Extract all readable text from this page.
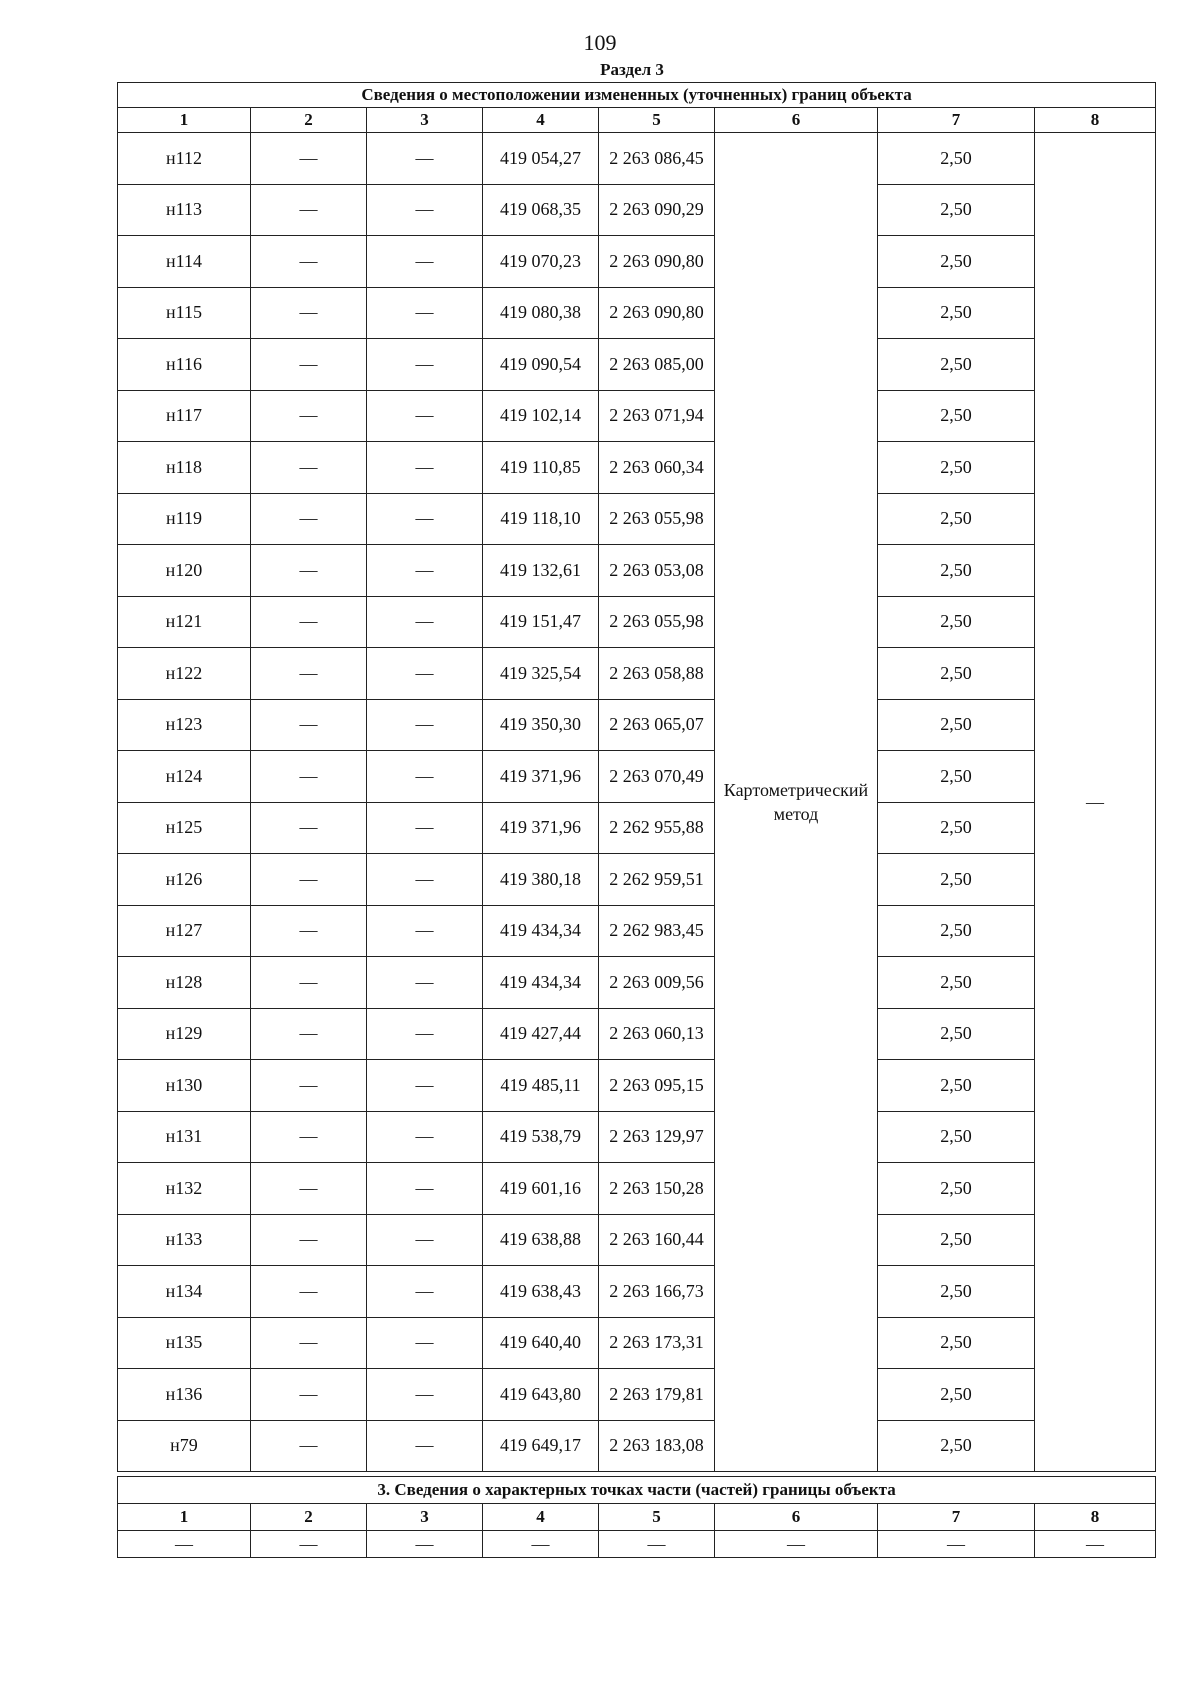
109
Раздел 3
Сведения о местоположении измененных (уточненных) границ объекта							
1	2	3	4	5	6	7	8
н112	—	—	419 054,27	2 263 086,45	Картометрический метод	2,50	—
н113	—	—	419 068,35	2 263 090,29		2,50	
н114	—	—	419 070,23	2 263 090,80		2,50	
н115	—	—	419 080,38	2 263 090,80		2,50	
н116	—	—	419 090,54	2 263 085,00		2,50	
н117	—	—	419 102,14	2 263 071,94		2,50	
н118	—	—	419 110,85	2 263 060,34		2,50	
н119	—	—	419 118,10	2 263 055,98		2,50	
н120	—	—	419 132,61	2 263 053,08		2,50	
н121	—	—	419 151,47	2 263 055,98		2,50	
н122	—	—	419 325,54	2 263 058,88		2,50	
н123	—	—	419 350,30	2 263 065,07		2,50	
н124	—	—	419 371,96	2 263 070,49		2,50	
н125	—	—	419 371,96	2 262 955,88		2,50	
н126	—	—	419 380,18	2 262 959,51		2,50	
н127	—	—	419 434,34	2 262 983,45		2,50	
н128	—	—	419 434,34	2 263 009,56		2,50	
н129	—	—	419 427,44	2 263 060,13		2,50	
н130	—	—	419 485,11	2 263 095,15		2,50	
н131	—	—	419 538,79	2 263 129,97		2,50	
н132	—	—	419 601,16	2 263 150,28		2,50	
н133	—	—	419 638,88	2 263 160,44		2,50	
н134	—	—	419 638,43	2 263 166,73		2,50	
н135	—	—	419 640,40	2 263 173,31		2,50	
н136	—	—	419 643,80	2 263 179,81		2,50	
н79	—	—	419 649,17	2 263 183,08		2,50	
3. Сведения о характерных точках части (частей) границы объекта							
1	2	3	4	5	6	7	8
—	—	—	—	—	—	—	—
